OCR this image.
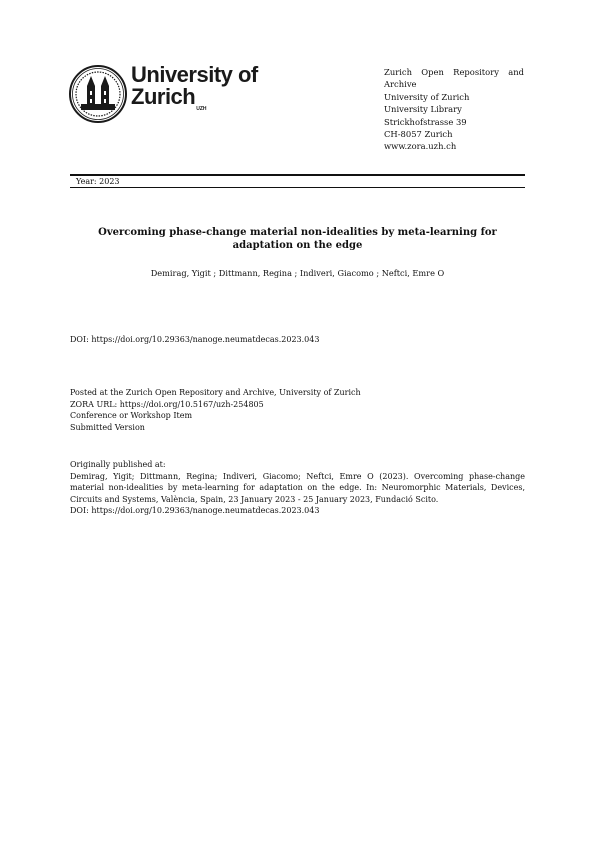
University of
Zurich$^{UZH}$
Zurich Open Repository and
Archive
University of Zurich
University Library
Strickhofstrasse 39
CH-8057 Zurich
www.zora.uzh.ch
Year: 2023
Overcoming phase-change material non-idealities by meta-learning for adaptation on the edge
Demirag, Yigit ; Dittmann, Regina ; Indiveri, Giacomo ; Neftci, Emre O
DOI: https://doi.org/10.29363/nanoge.neumatdecas.2023.043
Posted at the Zurich Open Repository and Archive, University of Zurich
ZORA URL: https://doi.org/10.5167/uzh-254805
Conference or Workshop Item
Submitted Version
Originally published at:
Demirag, Yigit; Dittmann, Regina; Indiveri, Giacomo; Neftci, Emre O (2023). Overcoming phase-change material non-idealities by meta-learning for adaptation on the edge. In: Neuromorphic Materials, Devices, Circuits and Systems, València, Spain, 23 January 2023 - 25 January 2023, Fundació Scito.
DOI: https://doi.org/10.29363/nanoge.neumatdecas.2023.043
